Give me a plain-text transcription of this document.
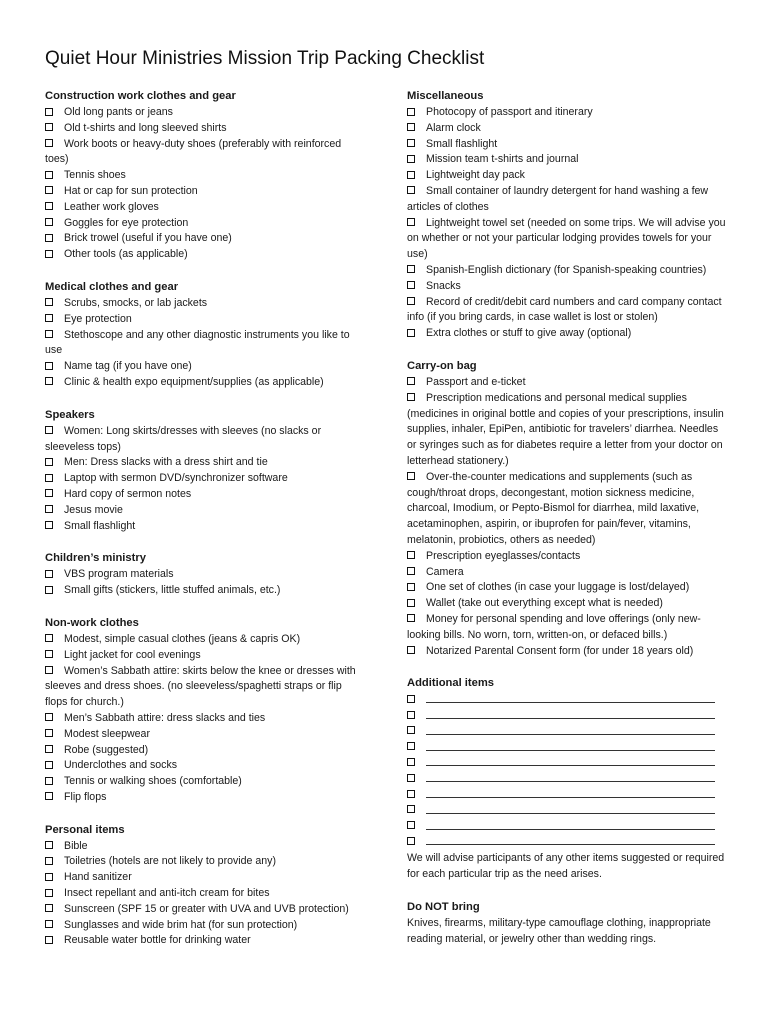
Quiet Hour Ministries Mission Trip Packing Checklist
Construction work clothes and gear
Old long pants or jeans
Old t-shirts and long sleeved shirts
Work boots or heavy-duty shoes (preferably with reinforced toes)
Tennis shoes
Hat or cap for sun protection
Leather work gloves
Goggles for eye protection
Brick trowel (useful if you have one)
Other tools (as applicable)
Medical clothes and gear
Scrubs, smocks, or lab jackets
Eye protection
Stethoscope and any other diagnostic instruments you like to use
Name tag (if you have one)
Clinic & health expo equipment/supplies (as applicable)
Speakers
Women: Long skirts/dresses with sleeves (no slacks or sleeveless tops)
Men: Dress slacks with a dress shirt and tie
Laptop with sermon DVD/synchronizer software
Hard copy of sermon notes
Jesus movie
Small flashlight
Children’s ministry
VBS program materials
Small gifts (stickers, little stuffed animals, etc.)
Non-work clothes
Modest, simple casual clothes (jeans & capris OK)
Light jacket for cool evenings
Women’s Sabbath attire: skirts below the knee or dresses with sleeves and dress shoes. (no sleeveless/spaghetti straps or flip flops for church.)
Men’s Sabbath attire: dress slacks and ties
Modest sleepwear
Robe (suggested)
Underclothes and socks
Tennis or walking shoes (comfortable)
Flip flops
Personal items
Bible
Toiletries (hotels are not likely to provide any)
Hand sanitizer
Insect repellant and anti-itch cream for bites
Sunscreen (SPF 15 or greater with UVA and UVB protection)
Sunglasses and wide brim hat (for sun protection)
Reusable water bottle for drinking water
Miscellaneous
Photocopy of passport and itinerary
Alarm clock
Small flashlight
Mission team t-shirts and journal
Lightweight day pack
Small container of laundry detergent for hand washing a few articles of clothes
Lightweight towel set (needed on some trips. We will advise you on whether or not your particular lodging provides towels for your use)
Spanish-English dictionary (for Spanish-speaking countries)
Snacks
Record of credit/debit card numbers and card company contact info (if you bring cards, in case wallet is lost or stolen)
Extra clothes or stuff to give away (optional)
Carry-on bag
Passport and e-ticket
Prescription medications and personal medical supplies (medicines in original bottle and copies of your prescriptions, insulin supplies, inhaler, EpiPen, antibiotic for travelers’ diarrhea. Needles or syringes such as for diabetes require a letter from your doctor on letterhead stationery.)
Over-the-counter medications and supplements (such as cough/throat drops, decongestant, motion sickness medicine, charcoal, Imodium, or Pepto-Bismol for diarrhea, mild laxative, acetaminophen, aspirin, or ibuprofen for pain/fever, vitamins, melatonin, probiotics, others as needed)
Prescription eyeglasses/contacts
Camera
One set of clothes (in case your luggage is lost/delayed)
Wallet (take out everything except what is needed)
Money for personal spending and love offerings (only new-looking bills. No worn, torn, written-on, or defaced bills.)
Notarized Parental Consent form (for under 18 years old)
Additional items
We will advise participants of any other items suggested or required for each particular trip as the need arises.
Do NOT bring
Knives, firearms, military-type camouflage clothing, inappropriate reading material, or jewelry other than wedding rings.
